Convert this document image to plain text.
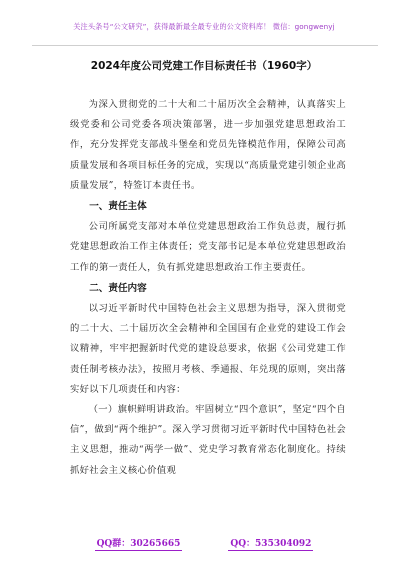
关注头条号“公文研究”，获得最新最全最专业的公文资料库！ 微信：gongwenyj
2024年度公司党建工作目标责任书（1960字）

为深入贯彻党的二十大和二十届历次全会精神，认真落实上级党委和公司党委各项决策部署，进一步加强党建思想政治工作，充分发挥党支部战斗堡垒和党员先锋模范作用，保障公司高质量发展和各项目标任务的完成，实现以“高质量党建引领企业高质量发展”，特签订本责任书。

一、责任主体

公司所属党支部对本单位党建思想政治工作负总责，履行抓党建思想政治工作主体责任；党支部书记是本单位党建思想政治工作的第一责任人，负有抓党建思想政治工作主要责任。

二、责任内容

以习近平新时代中国特色社会主义思想为指导，深入贯彻党的二十大、二十届历次全会精神和全国国有企业党的建设工作会议精神，牢牢把握新时代党的建设总要求，依据《公司党建工作责任制考核办法》，按照月考核、季通报、年兑现的原则，突出落实好以下几项责任和内容：

（一）旗帜鲜明讲政治。牢固树立“四个意识”，坚定“四个自信”，做到“两个维护”。深入学习贯彻习近平新时代中国特色社会主义思想，推动“两学一做”、党史学习教育常态化制度化。持续抓好社会主义核心价值观

QQ群：30265665	QQ：535304092
